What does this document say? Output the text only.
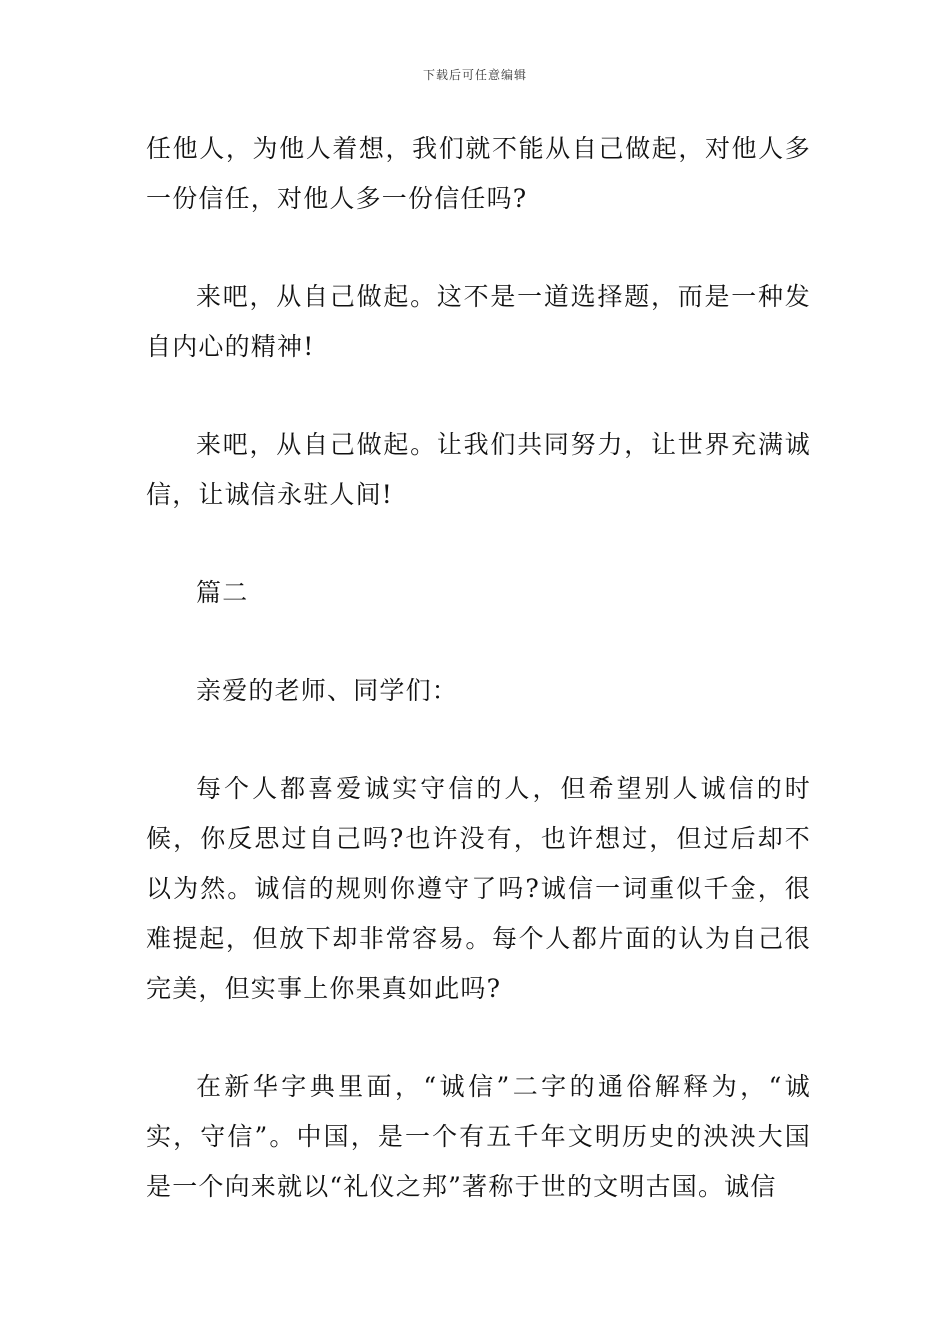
下载后可任意编辑

任他人，为他人着想，我们就不能从自己做起，对他人多一份信任，对他人多一份信任吗?

来吧，从自己做起。这不是一道选择题，而是一种发自内心的精神!

来吧，从自己做起。让我们共同努力，让世界充满诚信，让诚信永驻人间!

篇二

亲爱的老师、同学们：

每个人都喜爱诚实守信的人，但希望别人诚信的时候，你反思过自己吗?也许没有，也许想过，但过后却不以为然。诚信的规则你遵守了吗?诚信一词重似千金，很难提起，但放下却非常容易。每个人都片面的认为自己很完美，但实事上你果真如此吗?

在新华字典里面，“诚信”二字的通俗解释为，“诚实，守信”。中国，是一个有五千年文明历史的泱泱大国是一个向来就以“礼仪之邦”著称于世的文明古国。诚信
